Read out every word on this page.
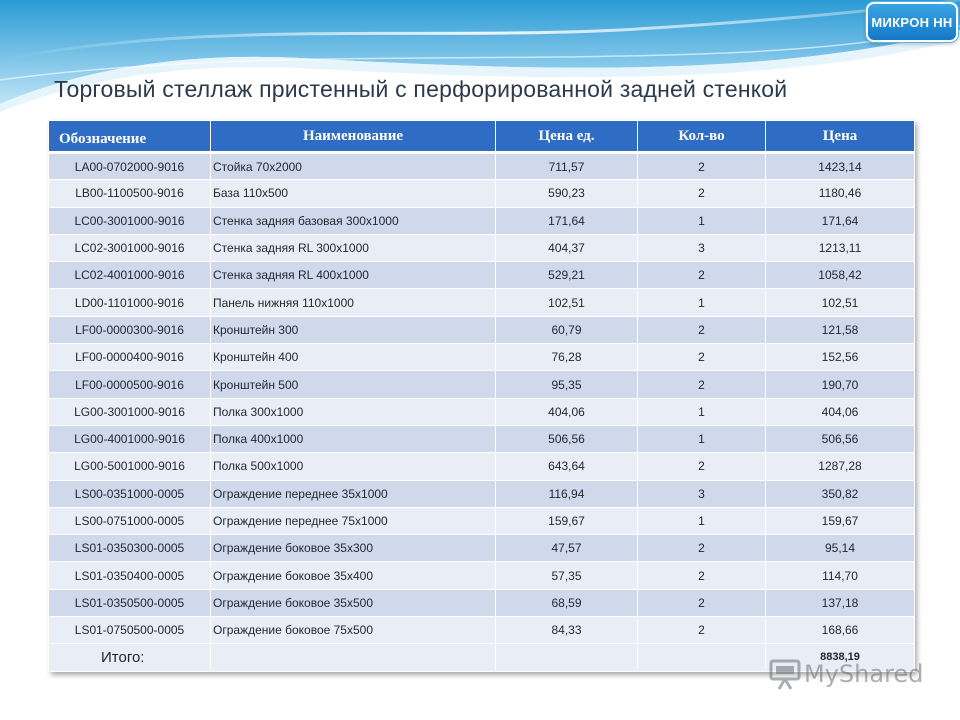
МИКРОН НН
Торговый стеллаж пристенный с перфорированной задней стенкой
Обозначение	Наименование	Цена ед.	Кол-во	Цена
LA00-0702000-9016	Стойка 70х2000	711,57	2	1423,14
LB00-1100500-9016	База 110х500	590,23	2	1180,46
LC00-3001000-9016	Стенка задняя базовая 300х1000	171,64	1	171,64
LC02-3001000-9016	Стенка задняя RL 300х1000	404,37	3	1213,11
LC02-4001000-9016	Стенка задняя RL 400х1000	529,21	2	1058,42
LD00-1101000-9016	Панель нижняя 110х1000	102,51	1	102,51
LF00-0000300-9016	Кронштейн 300	60,79	2	121,58
LF00-0000400-9016	Кронштейн 400	76,28	2	152,56
LF00-0000500-9016	Кронштейн 500	95,35	2	190,70
LG00-3001000-9016	Полка 300х1000	404,06	1	404,06
LG00-4001000-9016	Полка 400х1000	506,56	1	506,56
LG00-5001000-9016	Полка 500х1000	643,64	2	1287,28
LS00-0351000-0005	Ограждение переднее 35х1000	116,94	3	350,82
LS00-0751000-0005	Ограждение переднее 75х1000	159,67	1	159,67
LS01-0350300-0005	Ограждение боковое 35х300	47,57	2	95,14
LS01-0350400-0005	Ограждение боковое 35х400	57,35	2	114,70
LS01-0350500-0005	Ограждение боковое 35х500	68,59	2	137,18
LS01-0750500-0005	Ограждение боковое 75х500	84,33	2	168,66
Итого:				8838,19
MyShared
